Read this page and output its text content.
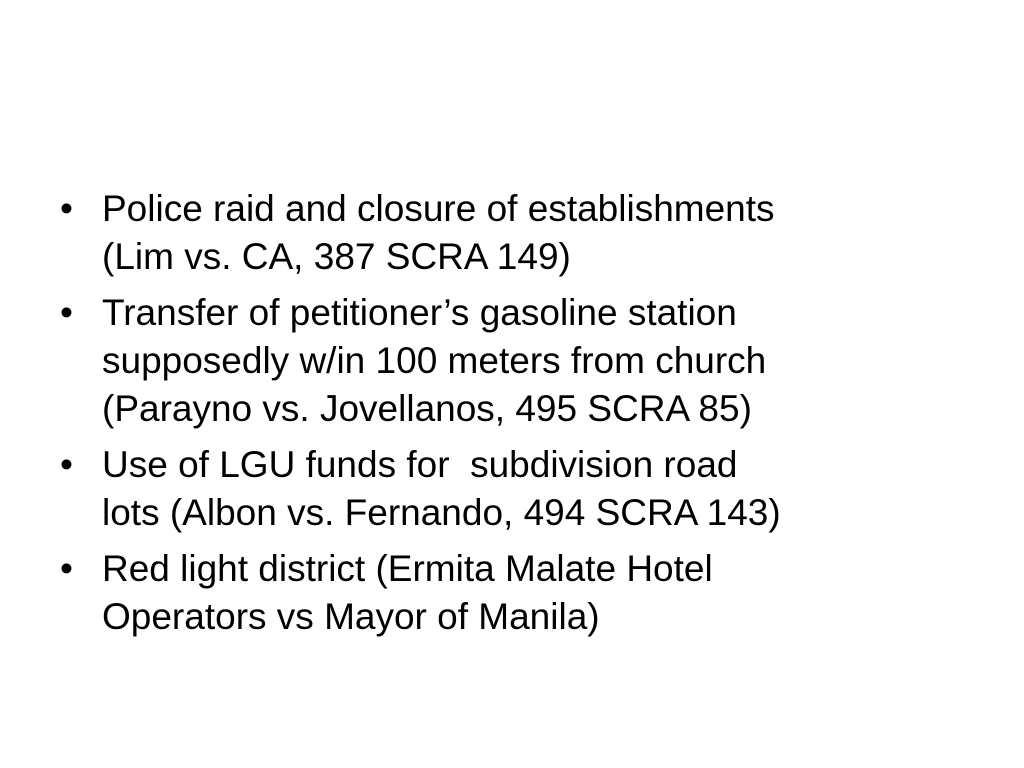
• Police raid and closure of establishments
(Lim vs. CA, 387 SCRA 149)
• Transfer of petitioner’s gasoline station
supposedly w/in 100 meters from church
(Parayno vs. Jovellanos, 495 SCRA 85)
• Use of LGU funds for  subdivision road
lots (Albon vs. Fernando, 494 SCRA 143)
• Red light district (Ermita Malate Hotel
Operators vs Mayor of Manila)
